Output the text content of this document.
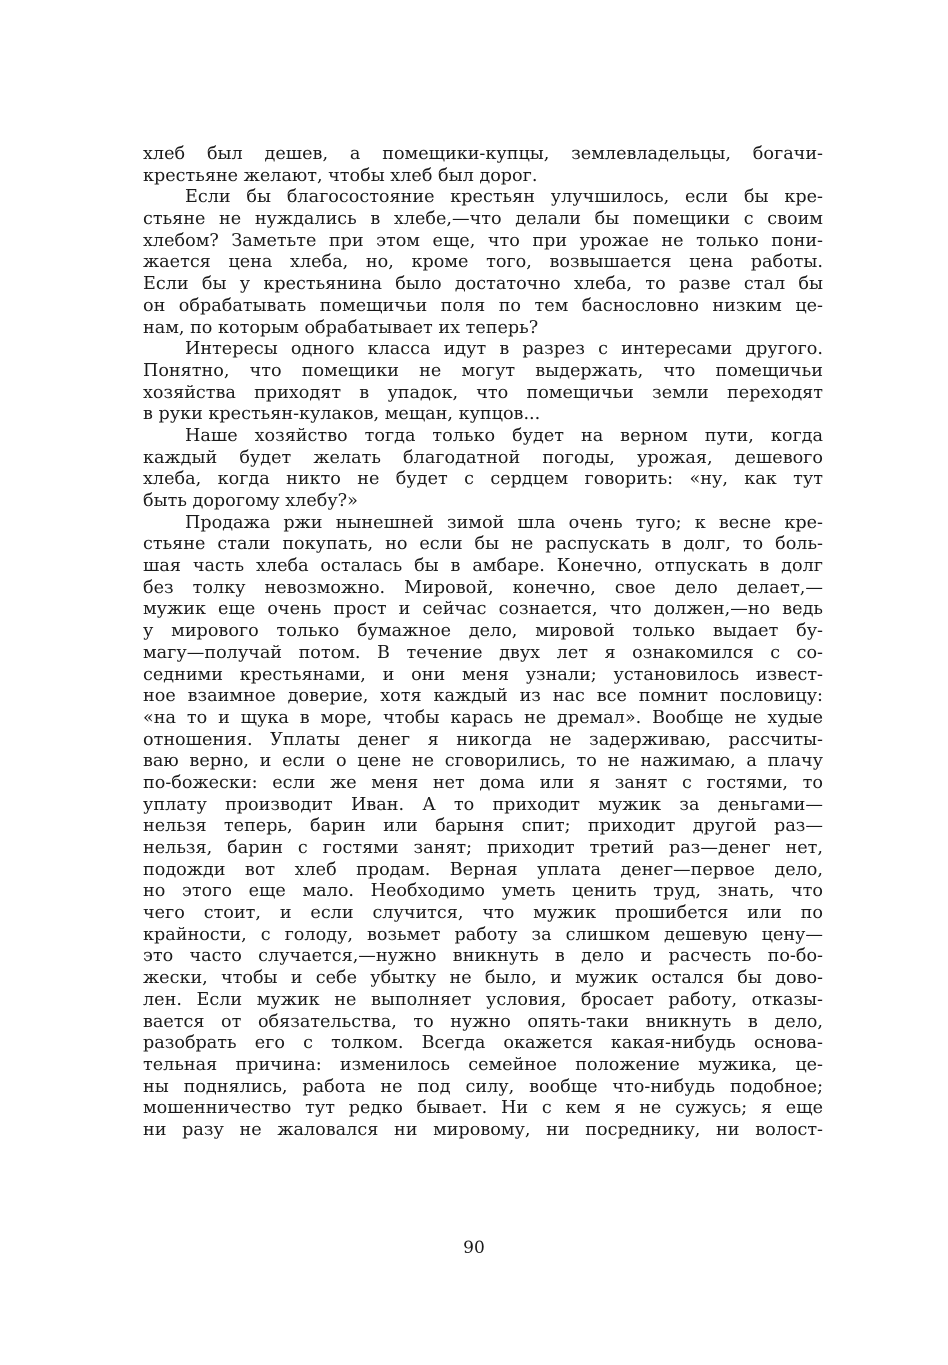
хлеб был дешев, а помещики-купцы, землевладельцы, богачи-
крестьяне желают, чтобы хлеб был дорог.
Если бы благосостояние крестьян улучшилось, если бы кре-
стьяне не нуждались в хлебе,—что делали бы помещики с своим
хлебом? Заметьте при этом еще, что при урожае не только пони-
жается цена хлеба, но, кроме того, возвышается цена работы.
Если бы у крестьянина было достаточно хлеба, то разве стал бы
он обрабатывать помещичьи поля по тем баснословно низким це-
нам, по которым обрабатывает их теперь?
Интересы одного класса идут в разрез с интересами другого.
Понятно, что помещики не могут выдержать, что помещичьи
хозяйства приходят в упадок, что помещичьи земли переходят
в руки крестьян-кулаков, мещан, купцов...
Наше хозяйство тогда только будет на верном пути, когда
каждый будет желать благодатной погоды, урожая, дешевого
хлеба, когда никто не будет с сердцем говорить: «ну, как тут
быть дорогому хлебу?»
Продажа ржи нынешней зимой шла очень туго; к весне кре-
стьяне стали покупать, но если бы не распускать в долг, то боль-
шая часть хлеба осталась бы в амбаре. Конечно, отпускать в долг
без толку невозможно. Мировой, конечно, свое дело делает,—
мужик еще очень прост и сейчас сознается, что должен,—но ведь
у мирового только бумажное дело, мировой только выдает бу-
магу—получай потом. В течение двух лет я ознакомился с со-
седними крестьянами, и они меня узнали; установилось извест-
ное взаимное доверие, хотя каждый из нас все помнит пословицу:
«на то и щука в море, чтобы карась не дремал». Вообще не худые
отношения. Уплаты денег я никогда не задерживаю, рассчиты-
ваю верно, и если о цене не сговорились, то не нажимаю, а плачу
по-божески: если же меня нет дома или я занят с гостями, то
уплату производит Иван. А то приходит мужик за деньгами—
нельзя теперь, барин или барыня спит; приходит другой раз—
нельзя, барин с гостями занят; приходит третий раз—денег нет,
подожди вот хлеб продам. Верная уплата денег—первое дело,
но этого еще мало. Необходимо уметь ценить труд, знать, что
чего стоит, и если случится, что мужик прошибется или по
крайности, с голоду, возьмет работу за слишком дешевую цену—
это часто случается,—нужно вникнуть в дело и расчесть по-бо-
жески, чтобы и себе убытку не было, и мужик остался бы дово-
лен. Если мужик не выполняет условия, бросает работу, отказы-
вается от обязательства, то нужно опять-таки вникнуть в дело,
разобрать его с толком. Всегда окажется какая-нибудь основа-
тельная причина: изменилось семейное положение мужика, це-
ны поднялись, работа не под силу, вообще что-нибудь подобное;
мошенничество тут редко бывает. Ни с кем я не сужусь; я еще
ни разу не жаловался ни мировому, ни посреднику, ни волост-
90
